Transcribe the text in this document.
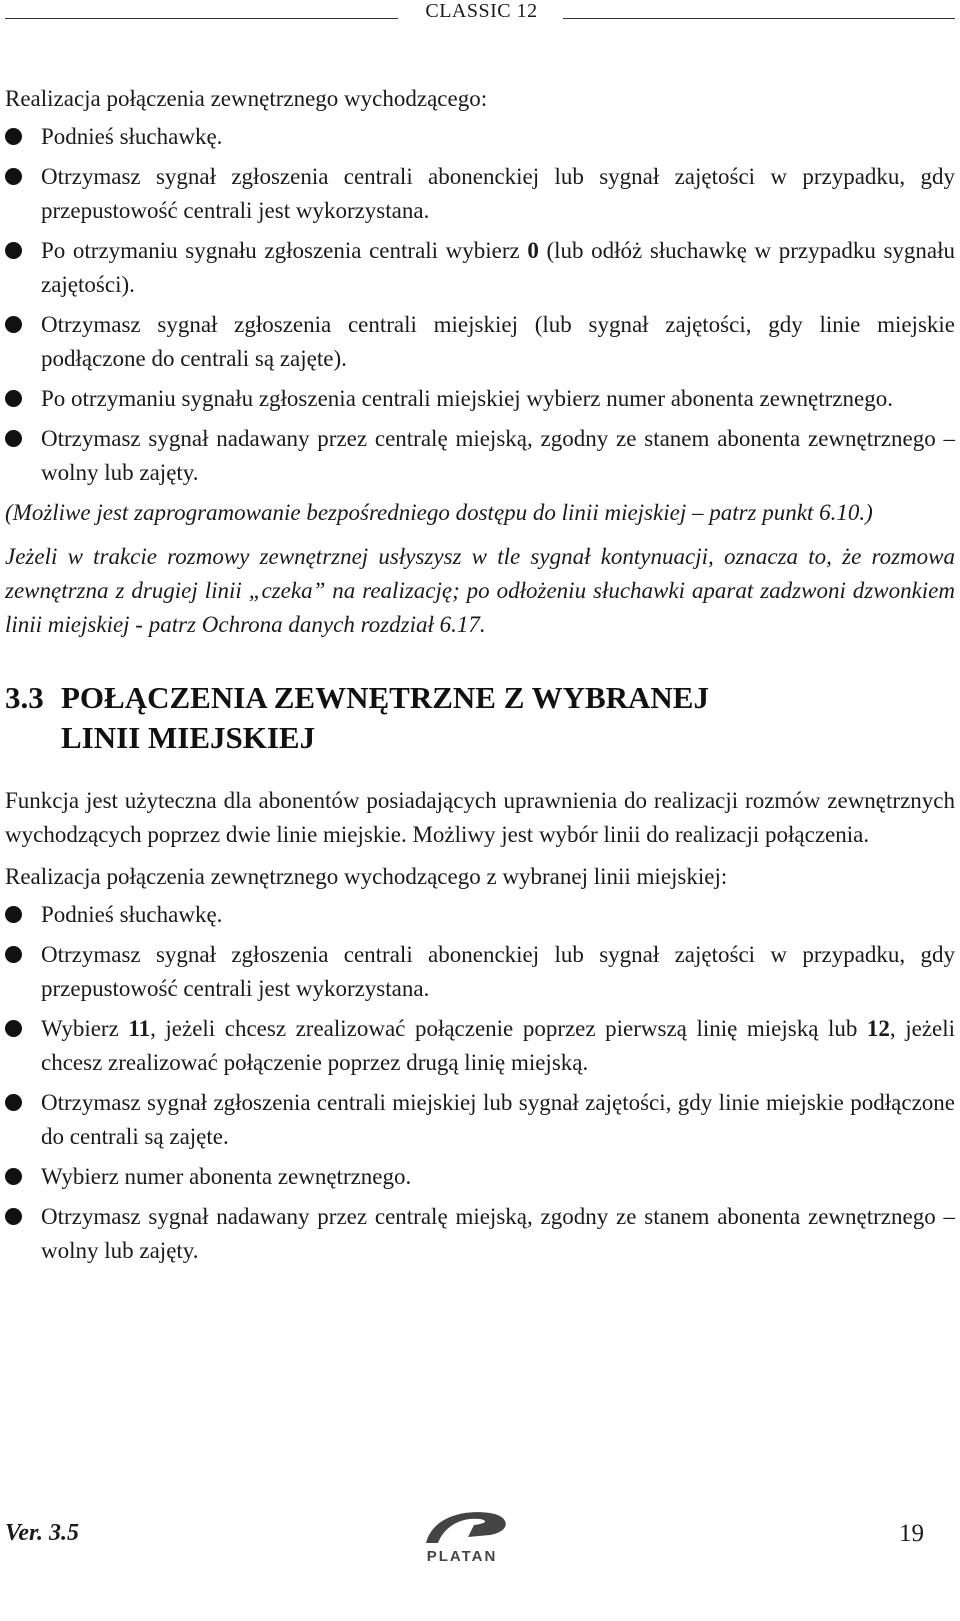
CLASSIC 12

Realizacja połączenia zewnętrznego wychodzącego:

Podnieś słuchawkę.
Otrzymasz sygnał zgłoszenia centrali abonenckiej lub sygnał zajętości w przypadku, gdy przepustowość centrali jest wykorzystana.
Po otrzymaniu sygnału zgłoszenia centrali wybierz 0 (lub odłóż słuchawkę w przypadku sygnału zajętości).
Otrzymasz sygnał zgłoszenia centrali miejskiej (lub sygnał zajętości, gdy linie miejskie podłączone do centrali są zajęte).
Po otrzymaniu sygnału zgłoszenia centrali miejskiej wybierz numer abonenta zewnętrznego.
Otrzymasz sygnał nadawany przez centralę miejską, zgodny ze stanem abonenta zewnętrznego – wolny lub zajęty.

(Możliwe jest zaprogramowanie bezpośredniego dostępu do linii miejskiej – patrz punkt 6.10.)

Jeżeli w trakcie rozmowy zewnętrznej usłyszysz w tle sygnał kontynuacji, oznacza to, że rozmowa zewnętrzna z drugiej linii „czeka” na realizację; po odłożeniu słuchawki aparat zadzwoni dzwonkiem linii miejskiej - patrz Ochrona danych rozdział 6.17.

3.3 POŁĄCZENIA ZEWNĘTRZNE Z WYBRANEJ
LINII MIEJSKIEJ

Funkcja jest użyteczna dla abonentów posiadających uprawnienia do realizacji rozmów zewnętrznych wychodzących poprzez dwie linie miejskie. Możliwy jest wybór linii do realizacji połączenia.

Realizacja połączenia zewnętrznego wychodzącego z wybranej linii miejskiej:

Podnieś słuchawkę.
Otrzymasz sygnał zgłoszenia centrali abonenckiej lub sygnał zajętości w przypadku, gdy przepustowość centrali jest wykorzystana.
Wybierz 11, jeżeli chcesz zrealizować połączenie poprzez pierwszą linię miejską lub 12, jeżeli chcesz zrealizować połączenie poprzez drugą linię miejską.
Otrzymasz sygnał zgłoszenia centrali miejskiej lub sygnał zajętości, gdy linie miejskie podłączone do centrali są zajęte.
Wybierz numer abonenta zewnętrznego.
Otrzymasz sygnał nadawany przez centralę miejską, zgodny ze stanem abonenta zewnętrznego – wolny lub zajęty.
Ver. 3.5
PLATAN
19
